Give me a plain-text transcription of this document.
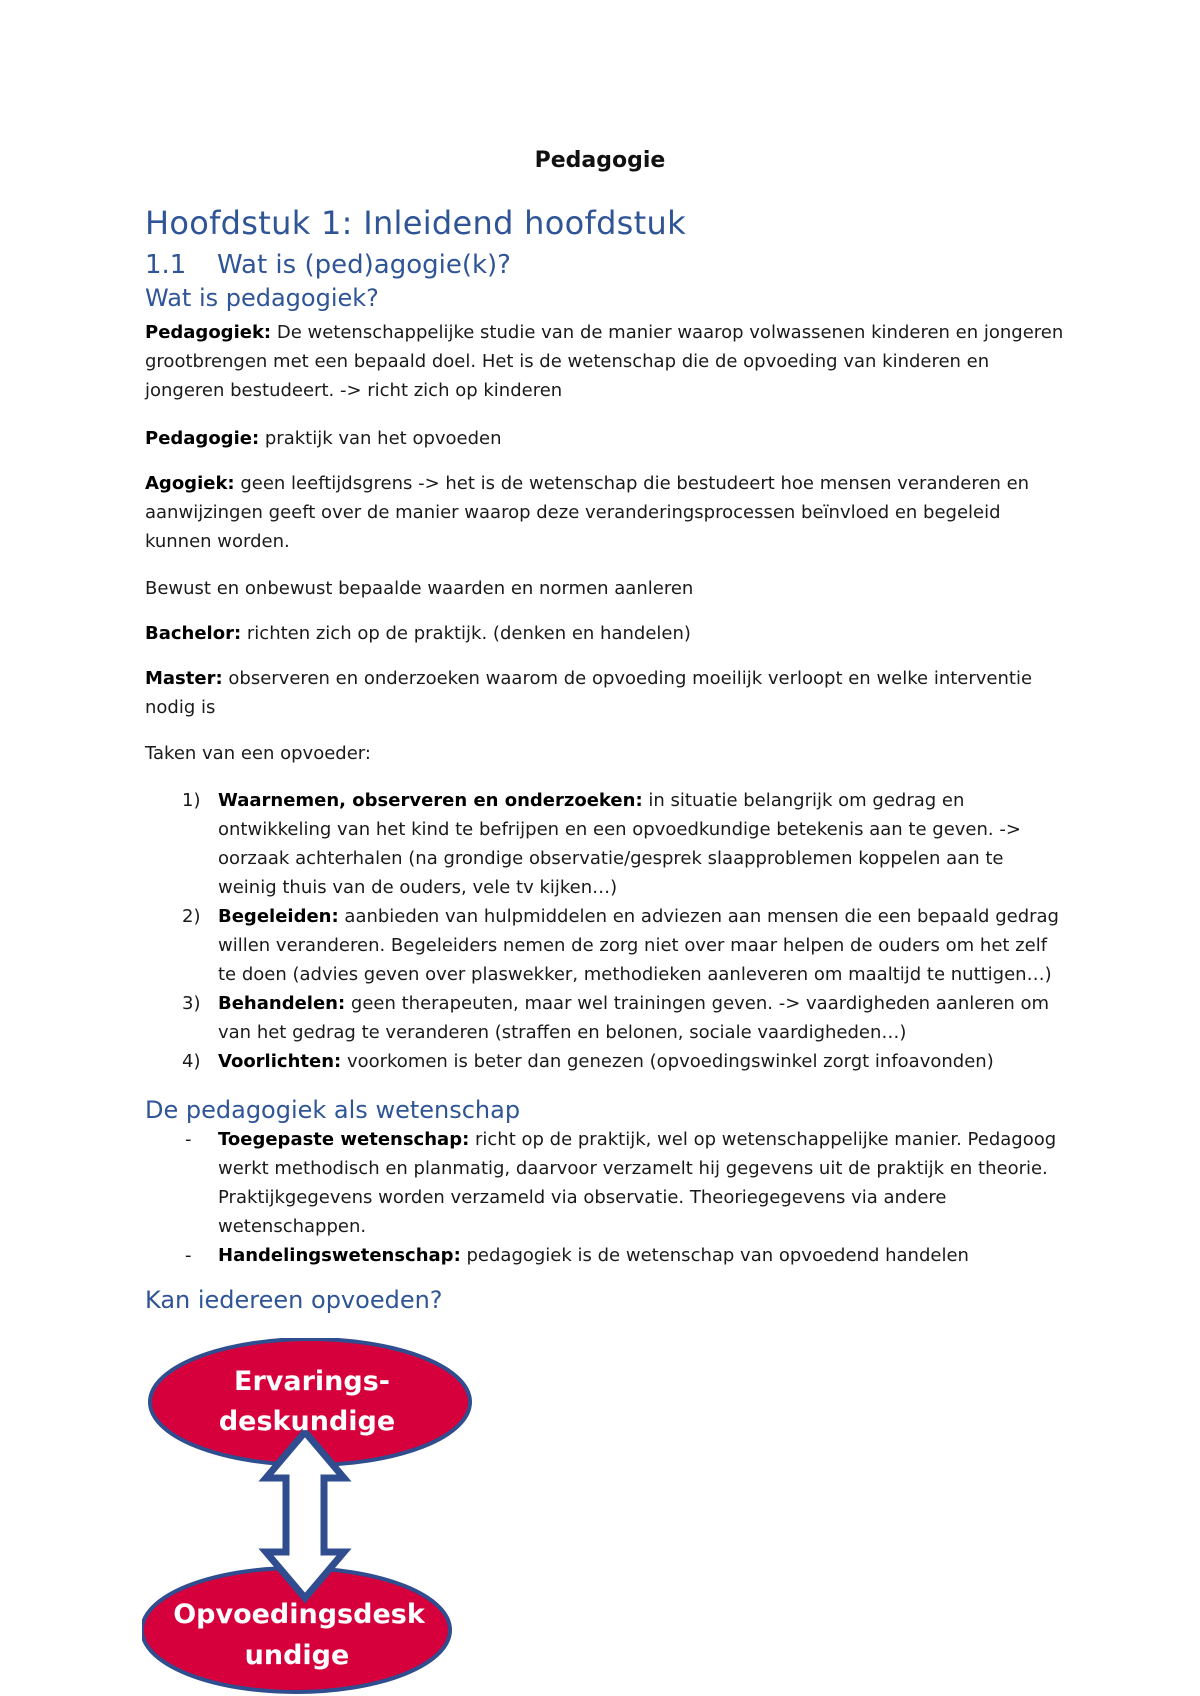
Pedagogie
Hoofdstuk 1: Inleidend hoofdstuk
1.1 Wat is (ped)agogie(k)?
Wat is pedagogiek?

Pedagogiek: De wetenschappelijke studie van de manier waarop volwassenen kinderen en jongeren grootbrengen met een bepaald doel. Het is de wetenschap die de opvoeding van kinderen en jongeren bestudeert. -> richt zich op kinderen

Pedagogie: praktijk van het opvoeden

Agogiek: geen leeftijdsgrens -> het is de wetenschap die bestudeert hoe mensen veranderen en aanwijzingen geeft over de manier waarop deze veranderingsprocessen beïnvloed en begeleid kunnen worden.

Bewust en onbewust bepaalde waarden en normen aanleren

Bachelor: richten zich op de praktijk. (denken en handelen)

Master: observeren en onderzoeken waarom de opvoeding moeilijk verloopt en welke interventie nodig is

Taken van een opvoeder:

1) Waarnemen, observeren en onderzoeken: in situatie belangrijk om gedrag en ontwikkeling van het kind te befrijpen en een opvoedkundige betekenis aan te geven. -> oorzaak achterhalen (na grondige observatie/gesprek slaapproblemen koppelen aan te weinig thuis van de ouders, vele tv kijken…)

2) Begeleiden: aanbieden van hulpmiddelen en adviezen aan mensen die een bepaald gedrag willen veranderen. Begeleiders nemen de zorg niet over maar helpen de ouders om het zelf te doen (advies geven over plaswekker, methodieken aanleveren om maaltijd te nuttigen…)

3) Behandelen: geen therapeuten, maar wel trainingen geven. -> vaardigheden aanleren om van het gedrag te veranderen (straffen en belonen, sociale vaardigheden…)

4) Voorlichten: voorkomen is beter dan genezen (opvoedingswinkel zorgt infoavonden)

De pedagogiek als wetenschap

- Toegepaste wetenschap: richt op de praktijk, wel op wetenschappelijke manier. Pedagoog werkt methodisch en planmatig, daarvoor verzamelt hij gegevens uit de praktijk en theorie. Praktijkgegevens worden verzameld via observatie. Theoriegegevens via andere wetenschappen.

- Handelingswetenschap: pedagogiek is de wetenschap van opvoedend handelen

Kan iedereen opvoeden?
Ervarings-
deskundige
Opvoedingsdesk
undige
